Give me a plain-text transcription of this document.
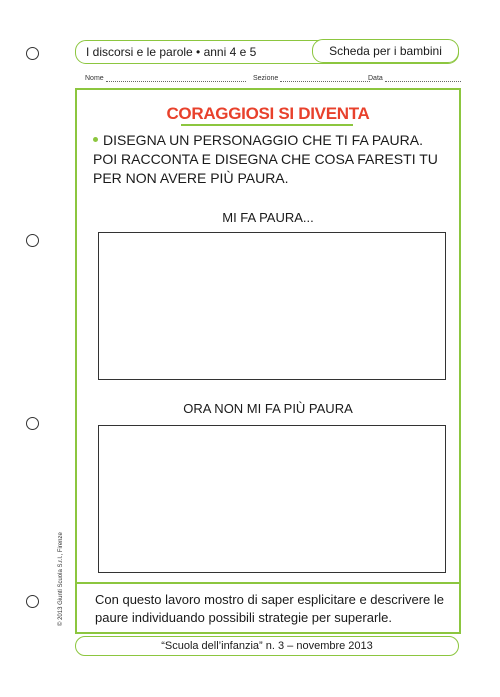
I discorsi e le parole • anni 4 e 5	Scheda per i bambini
Nome	Sezione	Data
CORAGGIOSI SI DIVENTA
DISEGNA UN PERSONAGGIO CHE TI FA PAURA. POI RACCONTA E DISEGNA CHE COSA FARESTI TU PER NON AVERE PIÙ PAURA.
MI FA PAURA...
ORA NON MI FA PIÙ PAURA
Con questo lavoro mostro di saper esplicitare e descrivere le paure individuando possibili strategie per superarle.
© 2013 Giunti Scuola S.r.l., Firenze
“Scuola dell’infanzia” n. 3 – novembre 2013
